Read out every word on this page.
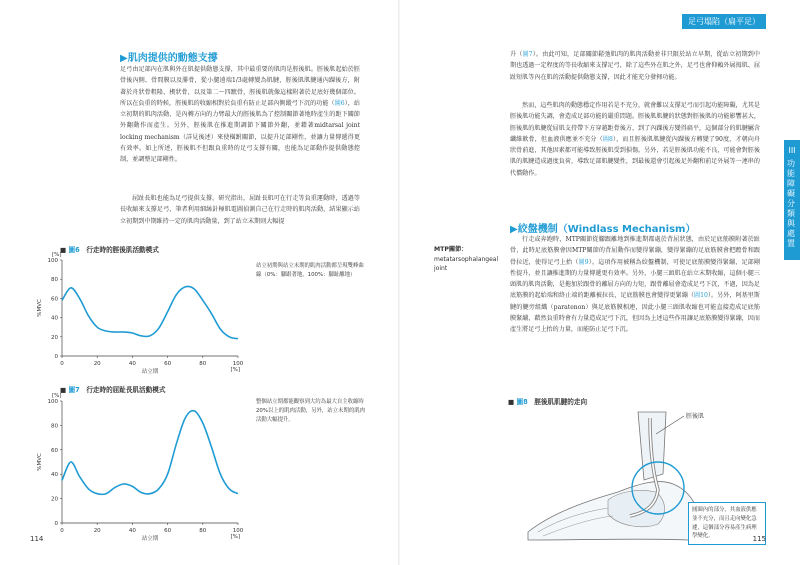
▶肌肉提供的動態支撐

足弓由足部內在肌與外在肌提供動態支撐，其中最重要的肌肉是脛後肌。脛後肌起始於脛骨後內側、骨間膜以及腓骨，從小腿遠端1/3處轉變為肌腱，脛後肌肌腱通內踝後方，附著於舟狀骨粗隆、楔狀骨，以及第二～四蹠骨，脛後肌就像這樣附著於足底好幾個部位。所以在負重的時候，脛後肌的收縮相對於負重有防止足部內側縱弓下沉的功能（圖6），站立初期的肌肉活動，是內轉方向的力臂最大的脛後肌為了控制關節著地時產生的距下關節外翻動作而產生。另外，脛後肌在推進期調節下關節外翻，並藉著midtarsal joint locking mechanism（詳見後述）來使橫跗關節，以提升足部剛性，並讓力量傳遞得更有效率。如上所述，脛後肌不但跟負重時的足弓支撐有關，也能為足部動作提供動態控制，並調整足部剛性。

屈趾長肌也能為足弓提供支撐。研究指出，屈趾長肌可在行走等負重運動時，透過等長收縮來支撐足弓，筆者利用細絲針極肌電圖偵測自己在行走時的肌肉活動，結果顯示站立初期到中期維持一定的肌肉活動量，到了站立末期則大幅提

■ 圖6　 行走時的脛後肌活動模式
0
20
40
60
80
100
0	20	40	60	80	100
[%]
[%]
%MVC
站立期

站立初期與站立末期的肌肉活動都呈現雙峰曲線（0%：腳跟著地，100%：腳趾離地）

■ 圖7　 行走時的屈趾長肌活動模式
0
20
40
60
80
100
0	20	40	60	80	100
[%]
[%]
%MVC
站立期

整個站立期都能觀察到大約為最大自主收縮時20%以上的肌肉活動，另外，站立末期的肌肉活動大幅提升。

114
足弓塌陷（扁平足）
III
功能障礙分類與處置

升（圖7）。由此可知，足部關節鬆弛肌肉的肌肉活動並非只限於站立早期，從站立初期到中期也透過一定程度的等長收縮來支撐足弓，除了這些外在肌之外，足弓也會仰賴外展拇肌、屈趾短肌等內在肌的活動提供動態支撐，因此才能充分發揮功能。

然而，這些肌肉的動態穩定作用若是不充分，就會難以支撐足弓而引起功能障礙，尤其是脛後肌功能失調，會造成足部功能的嚴重問題。脛後肌肌腱的狀態對脛後肌的功能影響甚大，脛後肌的肌腱從屈肌支持帶下方穿越距骨後方，到了內踝後方變得扁平，這個部分的肌腱屬含纖維軟骨，但血液供應並不充分（圖8），而且脛後肌肌腱從內踝後方轉變了90度，才朝向舟狀骨前進，其他因素都可能導致脛後肌受到損傷。另外，若是脛後肌功能不良，可能會對脛後肌的肌腱造成過度負荷，導致足部肌腱變性，到最後還會引起後足外翻和前足外展等一連串的代償動作。

▶絞盤機制（Windlass Mechanism）
MTP關節：
metatarsophalangeal joint

行走或奔跑時，MTP關節從腳跟離地到推進期都處於背屈狀態，由於足底筋膜附著於趾骨，此時足底筋膜會因MTP關節的背屈動作而變得緊繃，變得緊繃的足底筋膜會把蹠骨和跟骨拉近，使得足弓上抬（圖9）。這項作用被稱為絞盤機制，可使足底筋膜變得緊繃，足部剛性提升，並且讓推進期的力量傳遞更有效率。另外，小腿三頭肌在站立末期收縮，這個小腿三頭肌的肌肉活動，是拖加於跟骨的離屈方向的力矩，跟骨離屈會造成足弓下沉，不過，因為足底筋膜的起始端和終止端的距離被拉長，足底筋膜也會變得更緊繃（圖10）。另外，阿基里斯腱的腱旁組織（paratenon）與足底筋膜相連，因此小腿三頭肌收縮也可能直接造成足底筋膜緊繃，藉然負重時會有力量造成足弓下沉，但因為上述這些作用讓足底筋膜變得緊繃，因而產生將足弓上抬的力量，而能防止足弓下沉。

■ 圖8　 脛後肌肌腱的走向
脛後肌
圓圈內的部分，其血液供應並不充分，而且走向變化急遽，這個部分容易產生病理學變化。	115
